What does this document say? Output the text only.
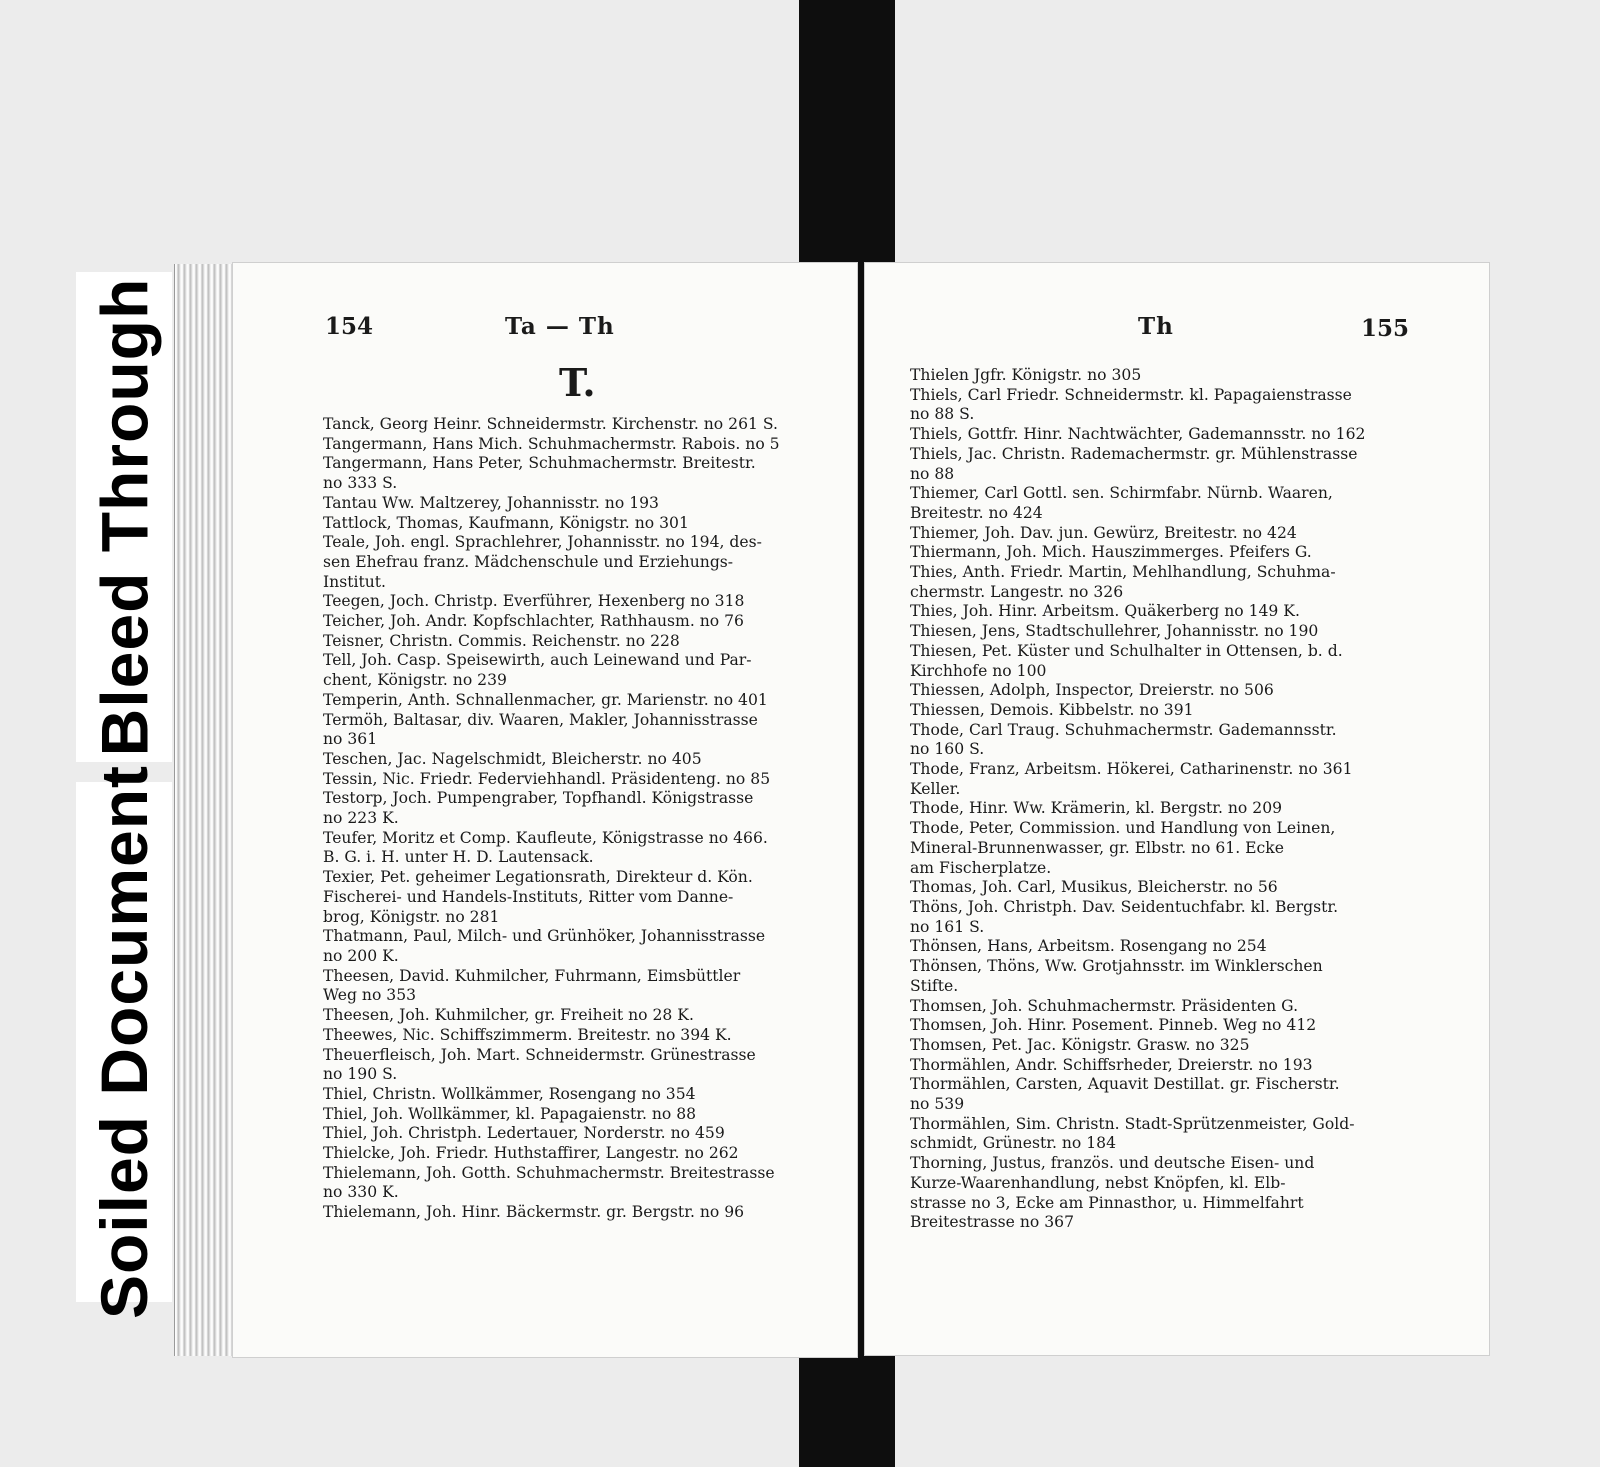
Bleed Through
Soiled Document
154	Ta — Th
T.
Tanck, Georg Heinr. Schneidermstr. Kirchenstr. no 261 S.
Tangermann, Hans Mich. Schuhmachermstr. Rabois. no 5
Tangermann, Hans Peter, Schuhmachermstr. Breitestr.
no 333 S.
Tantau Ww. Maltzerey, Johannisstr. no 193
Tattlock, Thomas, Kaufmann, Königstr. no 301
Teale, Joh. engl. Sprachlehrer, Johannisstr. no 194, des-
sen Ehefrau franz. Mädchenschule und Erziehungs-
Institut.
Teegen, Joch. Christp. Everführer, Hexenberg no 318
Teicher, Joh. Andr. Kopfschlachter, Rathhausm. no 76
Teisner, Christn. Commis. Reichenstr. no 228
Tell, Joh. Casp. Speisewirth, auch Leinewand und Par-
chent, Königstr. no 239
Temperin, Anth. Schnallenmacher, gr. Marienstr. no 401
Termöh, Baltasar, div. Waaren, Makler, Johannisstrasse
no 361
Teschen, Jac. Nagelschmidt, Bleicherstr. no 405
Tessin, Nic. Friedr. Federviehhandl. Präsidenteng. no 85
Testorp, Joch. Pumpengraber, Topfhandl. Königstrasse
no 223 K.
Teufer, Moritz et Comp. Kaufleute, Königstrasse no 466.
B. G. i. H. unter H. D. Lautensack.
Texier, Pet. geheimer Legationsrath, Direkteur d. Kön.
Fischerei- und Handels-Instituts, Ritter vom Danne-
brog, Königstr. no 281
Thatmann, Paul, Milch- und Grünhöker, Johannisstrasse
no 200 K.
Theesen, David. Kuhmilcher, Fuhrmann, Eimsbüttler
Weg no 353
Theesen, Joh. Kuhmilcher, gr. Freiheit no 28 K.
Theewes, Nic. Schiffszimmerm. Breitestr. no 394 K.
Theuerfleisch, Joh. Mart. Schneidermstr. Grünestrasse
no 190 S.
Thiel, Christn. Wollkämmer, Rosengang no 354
Thiel, Joh. Wollkämmer, kl. Papagaienstr. no 88
Thiel, Joh. Christph. Ledertauer, Norderstr. no 459
Thielcke, Joh. Friedr. Huthstaffirer, Langestr. no 262
Thielemann, Joh. Gotth. Schuhmachermstr. Breitestrasse
no 330 K.
Thielemann, Joh. Hinr. Bäckermstr. gr. Bergstr. no 96
Th	155
Thielen Jgfr. Königstr. no 305
Thiels, Carl Friedr. Schneidermstr. kl. Papagaienstrasse
no 88 S.
Thiels, Gottfr. Hinr. Nachtwächter, Gademannsstr. no 162
Thiels, Jac. Christn. Rademachermstr. gr. Mühlenstrasse
no 88
Thiemer, Carl Gottl. sen. Schirmfabr. Nürnb. Waaren,
Breitestr. no 424
Thiemer, Joh. Dav. jun. Gewürz, Breitestr. no 424
Thiermann, Joh. Mich. Hauszimmerges. Pfeifers G.
Thies, Anth. Friedr. Martin, Mehlhandlung, Schuhma-
chermstr. Langestr. no 326
Thies, Joh. Hinr. Arbeitsm. Quäkerberg no 149 K.
Thiesen, Jens, Stadtschullehrer, Johannisstr. no 190
Thiesen, Pet. Küster und Schulhalter in Ottensen, b. d.
Kirchhofe no 100
Thiessen, Adolph, Inspector, Dreierstr. no 506
Thiessen, Demois. Kibbelstr. no 391
Thode, Carl Traug. Schuhmachermstr. Gademannsstr.
no 160 S.
Thode, Franz, Arbeitsm. Hökerei, Catharinenstr. no 361
Keller.
Thode, Hinr. Ww. Krämerin, kl. Bergstr. no 209
Thode, Peter, Commission. und Handlung von Leinen,
Mineral-Brunnenwasser, gr. Elbstr. no 61. Ecke
am Fischerplatze.
Thomas, Joh. Carl, Musikus, Bleicherstr. no 56
Thöns, Joh. Christph. Dav. Seidentuchfabr. kl. Bergstr.
no 161 S.
Thönsen, Hans, Arbeitsm. Rosengang no 254
Thönsen, Thöns, Ww. Grotjahnsstr. im Winklerschen
Stifte.
Thomsen, Joh. Schuhmachermstr. Präsidenten G.
Thomsen, Joh. Hinr. Posement. Pinneb. Weg no 412
Thomsen, Pet. Jac. Königstr. Grasw. no 325
Thormählen, Andr. Schiffsrheder, Dreierstr. no 193
Thormählen, Carsten, Aquavit Destillat. gr. Fischerstr.
no 539
Thormählen, Sim. Christn. Stadt-Sprützenmeister, Gold-
schmidt, Grünestr. no 184
Thorning, Justus, französ. und deutsche Eisen- und
Kurze-Waarenhandlung, nebst Knöpfen, kl. Elb-
strasse no 3, Ecke am Pinnasthor, u. Himmelfahrt
Breitestrasse no 367
